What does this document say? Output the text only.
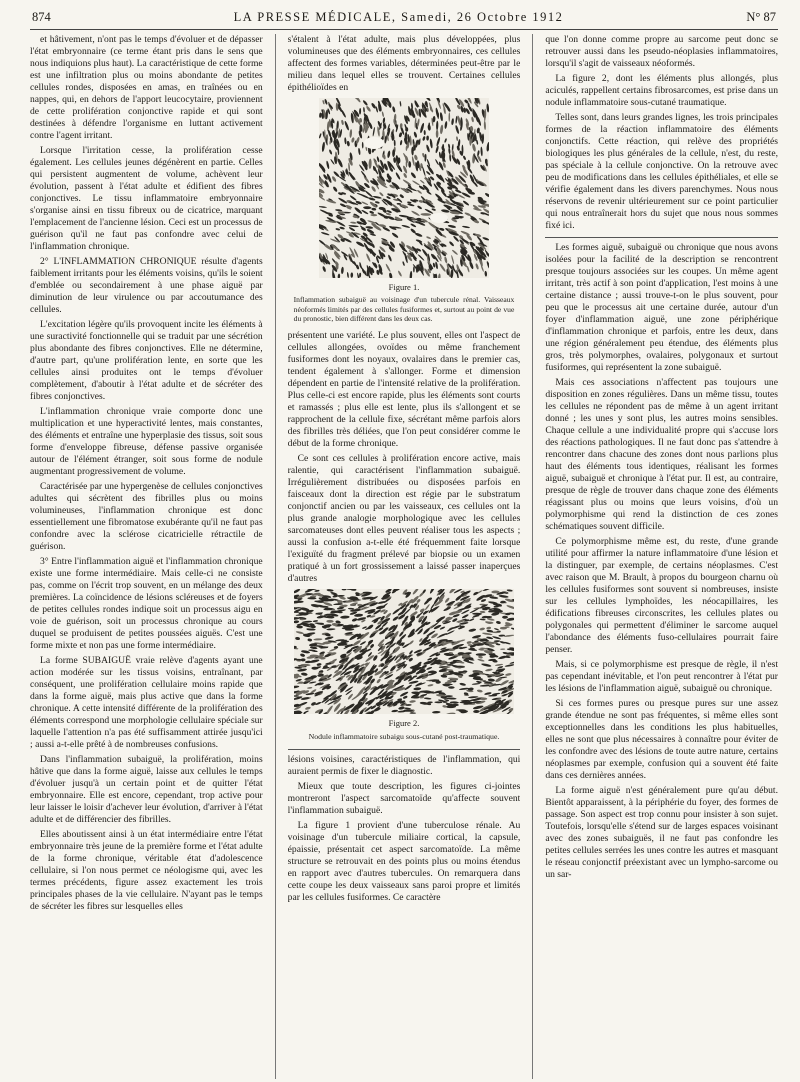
874	LA PRESSE MÉDICALE, Samedi, 26 Octobre 1912	N° 87

et hâtivement, n'ont pas le temps d'évoluer et de dépasser l'état embryonnaire (ce terme étant pris dans le sens que nous indiquions plus haut). La caractéristique de cette forme est une infiltration plus ou moins abondante de petites cellules rondes, disposées en amas, en traînées ou en nappes, qui, en dehors de l'apport leucocytaire, proviennent de cette prolifération conjonctive rapide et qui sont destinées à défendre l'organisme en luttant activement contre l'agent irritant.

Lorsque l'irritation cesse, la prolifération cesse également. Les cellules jeunes dégénèrent en partie. Celles qui persistent augmentent de volume, achèvent leur évolution, passent à l'état adulte et édifient des fibres conjonctives. Le tissu inflammatoire embryonnaire s'organise ainsi en tissu fibreux ou de cicatrice, marquant l'emplacement de l'ancienne lésion. Ceci est un processus de guérison qu'il ne faut pas confondre avec celui de l'inflammation chronique.

2° L'INFLAMMATION CHRONIQUE résulte d'agents faiblement irritants pour les éléments voisins, qu'ils le soient d'emblée ou secondairement à une phase aiguë par diminution de leur virulence ou par accoutumance des cellules.

L'excitation légère qu'ils provoquent incite les éléments à une suractivité fonctionnelle qui se traduit par une sécrétion plus abondante des fibres conjonctives. Elle ne détermine, d'autre part, qu'une prolifération lente, en sorte que les cellules ainsi produites ont le temps d'évoluer complètement, d'aboutir à l'état adulte et de sécréter des fibres conjonctives.

L'inflammation chronique vraie comporte donc une multiplication et une hyperactivité lentes, mais constantes, des éléments et entraîne une hyperplasie des tissus, soit sous forme d'enveloppe fibreuse, défense passive organisée autour de l'élément étranger, soit sous forme de nodule augmentant progressivement de volume.

Caractérisée par une hypergenèse de cellules conjonctives adultes qui sécrètent des fibrilles plus ou moins volumineuses, l'inflammation chronique est donc essentiellement une fibromatose exubérante qu'il ne faut pas confondre avec la sclérose cicatricielle rétractile de guérison.

3° Entre l'inflammation aiguë et l'inflammation chronique existe une forme intermédiaire. Mais celle-ci ne consiste pas, comme on l'écrit trop souvent, en un mélange des deux premières. La coïncidence de lésions scléreuses et de foyers de petites cellules rondes indique soit un processus aigu en voie de guérison, soit un processus chronique au cours duquel se produisent de petites poussées aiguës. C'est une forme mixte et non pas une forme intermédiaire.

La forme SUBAIGUË vraie relève d'agents ayant une action modérée sur les tissus voisins, entraînant, par conséquent, une prolifération cellulaire moins rapide que dans la forme aiguë, mais plus active que dans la forme chronique. A cette intensité différente de la prolifération des éléments correspond une morphologie cellulaire spéciale sur laquelle l'attention n'a pas été suffisamment attirée jusqu'ici ; aussi a-t-elle prêté à de nombreuses confusions.

Dans l'inflammation subaiguë, la prolifération, moins hâtive que dans la forme aiguë, laisse aux cellules le temps d'évoluer jusqu'à un certain point et de quitter l'état embryonnaire. Elle est encore, cependant, trop active pour leur laisser le loisir d'achever leur évolution, d'arriver à l'état adulte et de différencier des fibrilles.

Elles aboutissent ainsi à un état intermédiaire entre l'état embryonnaire très jeune de la première forme et l'état adulte de la forme chronique, véritable état d'adolescence cellulaire, si l'on nous permet ce néologisme qui, avec les termes précédents, figure assez exactement les trois principales phases de la vie cellulaire. N'ayant pas le temps de sécréter les fibres sur lesquelles elles

s'étalent à l'état adulte, mais plus développées, plus volumineuses que des éléments embryonnaires, ces cellules affectent des formes variables, déterminées peut-être par le milieu dans lequel elles se trouvent. Certaines cellules épithélioïdes en

Figure 1.
Inflammation subaiguë au voisinage d'un tubercule rénal. Vaisseaux néoformés limités par des cellules fusiformes et, surtout au point de vue du pronostic, bien différent dans les deux cas.

présentent une variété. Le plus souvent, elles ont l'aspect de cellules allongées, ovoïdes ou même franchement fusiformes dont les noyaux, ovalaires dans le premier cas, tendent également à s'allonger. Forme et dimension dépendent en partie de l'intensité relative de la prolifération. Plus celle-ci est encore rapide, plus les éléments sont courts et ramassés ; plus elle est lente, plus ils s'allongent et se rapprochent de la cellule fixe, sécrétant même parfois alors des fibrilles très déliées, que l'on peut considérer comme le début de la forme chronique.

Ce sont ces cellules à prolifération encore active, mais ralentie, qui caractérisent l'inflammation subaiguë. Irrégulièrement distribuées ou disposées parfois en faisceaux dont la direction est régie par le substratum conjonctif ancien ou par les vaisseaux, ces cellules ont la plus grande analogie morphologique avec les cellules sarcomateuses dont elles peuvent réaliser tous les aspects ; aussi la confusion a-t-elle été fréquemment faite lorsque l'exiguïté du fragment prélevé par biopsie ou un examen pratiqué à un fort grossissement a laissé passer inaperçues d'autres

Figure 2.
Nodule inflammatoire subaigu sous-cutané post-traumatique.

lésions voisines, caractéristiques de l'inflammation, qui auraient permis de fixer le diagnostic.

Mieux que toute description, les figures ci-jointes montreront l'aspect sarcomatoïde qu'affecte souvent l'inflammation subaiguë.

La figure 1 provient d'une tuberculose rénale. Au voisinage d'un tubercule miliaire cortical, la capsule, épaissie, présentait cet aspect sarcomatoïde. La même structure se retrouvait en des points plus ou moins étendus en rapport avec d'autres tubercules. On remarquera dans cette coupe les deux vaisseaux sans paroi propre et limités par les cellules fusiformes. Ce caractère

que l'on donne comme propre au sarcome peut donc se retrouver aussi dans les pseudo-néoplasies inflammatoires, lorsqu'il s'agit de vaisseaux néoformés.

La figure 2, dont les éléments plus allongés, plus aciculés, rappellent certains fibrosarcomes, est prise dans un nodule inflammatoire sous-cutané traumatique.

Telles sont, dans leurs grandes lignes, les trois principales formes de la réaction inflammatoire des éléments conjonctifs. Cette réaction, qui relève des propriétés biologiques les plus générales de la cellule, n'est, du reste, pas spéciale à la cellule conjonctive. On la retrouve avec peu de modifications dans les cellules épithéliales, et elle se vérifie également dans les divers parenchymes. Nous nous réservons de revenir ultérieurement sur ce point particulier qui nous entraînerait hors du sujet que nous nous sommes fixé ici.

Les formes aiguë, subaiguë ou chronique que nous avons isolées pour la facilité de la description se rencontrent presque toujours associées sur les coupes. Un même agent irritant, très actif à son point d'application, l'est moins à une certaine distance ; aussi trouve-t-on le plus souvent, pour peu que le processus ait une certaine durée, autour d'un foyer d'inflammation aiguë, une zone périphérique d'inflammation chronique et parfois, entre les deux, dans une région généralement peu étendue, des éléments plus gros, très polymorphes, ovalaires, polygonaux et surtout fusiformes, qui représentent la zone subaiguë.

Mais ces associations n'affectent pas toujours une disposition en zones régulières. Dans un même tissu, toutes les cellules ne répondent pas de même à un agent irritant donné ; les unes y sont plus, les autres moins sensibles. Chaque cellule a une individualité propre qui s'accuse lors des réactions pathologiques. Il ne faut donc pas s'attendre à rencontrer dans chacune des zones dont nous parlions plus haut des éléments tous identiques, réalisant les formes aiguë, subaiguë et chronique à l'état pur. Il est, au contraire, presque de règle de trouver dans chaque zone des éléments réagissant plus ou moins que leurs voisins, d'où un polymorphisme qui rend la distinction de ces zones schématiques souvent difficile.

Ce polymorphisme même est, du reste, d'une grande utilité pour affirmer la nature inflammatoire d'une lésion et la distinguer, par exemple, de certains néoplasmes. C'est avec raison que M. Brault, à propos du bourgeon charnu où les cellules fusiformes sont souvent si nombreuses, insiste sur les cellules lymphoïdes, les néocapillaires, les édifications fibreuses circonscrites, les cellules plates ou polygonales qui permettent d'éliminer le sarcome auquel l'abondance des éléments fuso-cellulaires pourrait faire penser.

Mais, si ce polymorphisme est presque de règle, il n'est pas cependant inévitable, et l'on peut rencontrer à l'état pur les lésions de l'inflammation aiguë, subaiguë ou chronique.

Si ces formes pures ou presque pures sur une assez grande étendue ne sont pas fréquentes, si même elles sont exceptionnelles dans les conditions les plus habituelles, elles ne sont que plus nécessaires à connaître pour éviter de les confondre avec des lésions de toute autre nature, certains néoplasmes par exemple, confusion qui a souvent été faite dans ces dernières années.

La forme aiguë n'est généralement pure qu'au début. Bientôt apparaissent, à la périphérie du foyer, des formes de passage. Son aspect est trop connu pour insister à son sujet. Toutefois, lorsqu'elle s'étend sur de larges espaces voisinant avec des zones subaiguës, il ne faut pas confondre les petites cellules serrées les unes contre les autres et masquant le réseau conjonctif préexistant avec un lympho-sarcome ou un sar-
